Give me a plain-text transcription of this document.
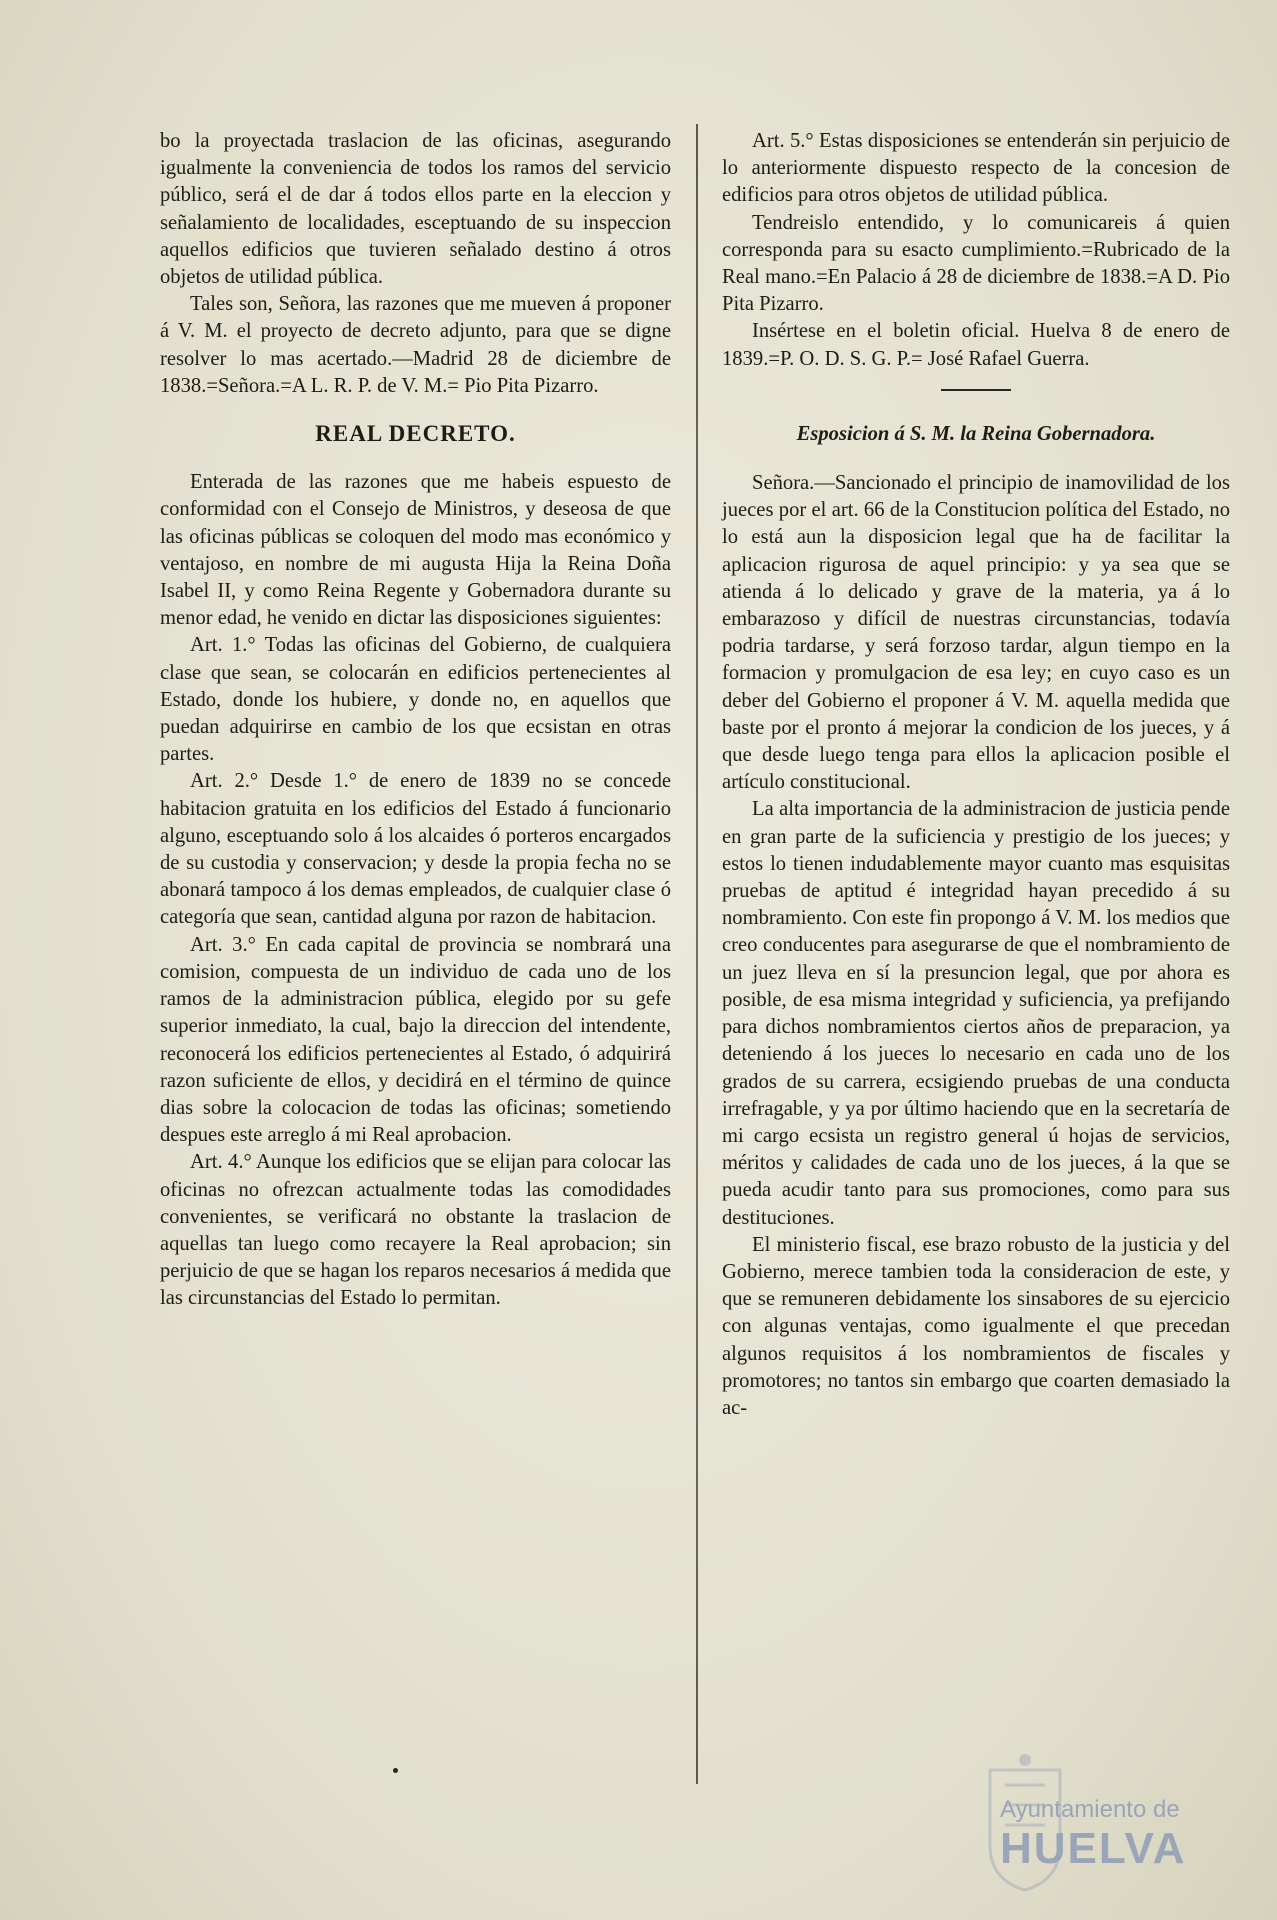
bo la proyectada traslacion de las oficinas, asegurando igualmente la conveniencia de todos los ramos del servicio público, será el de dar á todos ellos parte en la eleccion y señalamiento de localidades, esceptuando de su inspeccion aquellos edificios que tuvieren señalado destino á otros objetos de utilidad pública.

Tales son, Señora, las razones que me mueven á proponer á V. M. el proyecto de decreto adjunto, para que se digne resolver lo mas acertado.—Madrid 28 de diciembre de 1838.=Señora.=A L. R. P. de V. M.= Pio Pita Pizarro.

REAL DECRETO.

Enterada de las razones que me habeis espuesto de conformidad con el Consejo de Ministros, y deseosa de que las oficinas públicas se coloquen del modo mas económico y ventajoso, en nombre de mi augusta Hija la Reina Doña Isabel II, y como Reina Regente y Gobernadora durante su menor edad, he venido en dictar las disposiciones siguientes:

Art. 1.° Todas las oficinas del Gobierno, de cualquiera clase que sean, se colocarán en edificios pertenecientes al Estado, donde los hubiere, y donde no, en aquellos que puedan adquirirse en cambio de los que ecsistan en otras partes.

Art. 2.° Desde 1.° de enero de 1839 no se concede habitacion gratuita en los edificios del Estado á funcionario alguno, esceptuando solo á los alcaides ó porteros encargados de su custodia y conservacion; y desde la propia fecha no se abonará tampoco á los demas empleados, de cualquier clase ó categoría que sean, cantidad alguna por razon de habitacion.

Art. 3.° En cada capital de provincia se nombrará una comision, compuesta de un individuo de cada uno de los ramos de la administracion pública, elegido por su gefe superior inmediato, la cual, bajo la direccion del intendente, reconocerá los edificios pertenecientes al Estado, ó adquirirá razon suficiente de ellos, y decidirá en el término de quince dias sobre la colocacion de todas las oficinas; sometiendo despues este arreglo á mi Real aprobacion.

Art. 4.° Aunque los edificios que se elijan para colocar las oficinas no ofrezcan actualmente todas las comodidades convenientes, se verificará no obstante la traslacion de aquellas tan luego como recayere la Real aprobacion; sin perjuicio de que se hagan los reparos necesarios á medida que las circunstancias del Estado lo permitan.

Art. 5.° Estas disposiciones se entenderán sin perjuicio de lo anteriormente dispuesto respecto de la concesion de edificios para otros objetos de utilidad pública.

Tendreislo entendido, y lo comunicareis á quien corresponda para su esacto cumplimiento.=Rubricado de la Real mano.=En Palacio á 28 de diciembre de 1838.=A D. Pio Pita Pizarro.

Insértese en el boletin oficial. Huelva 8 de enero de 1839.=P. O. D. S. G. P.= José Rafael Guerra.

Esposicion á S. M. la Reina Gobernadora.

Señora.—Sancionado el principio de inamovilidad de los jueces por el art. 66 de la Constitucion política del Estado, no lo está aun la disposicion legal que ha de facilitar la aplicacion rigurosa de aquel principio: y ya sea que se atienda á lo delicado y grave de la materia, ya á lo embarazoso y difícil de nuestras circunstancias, todavía podria tardarse, y será forzoso tardar, algun tiempo en la formacion y promulgacion de esa ley; en cuyo caso es un deber del Gobierno el proponer á V. M. aquella medida que baste por el pronto á mejorar la condicion de los jueces, y á que desde luego tenga para ellos la aplicacion posible el artículo constitucional.

La alta importancia de la administracion de justicia pende en gran parte de la suficiencia y prestigio de los jueces; y estos lo tienen indudablemente mayor cuanto mas esquisitas pruebas de aptitud é integridad hayan precedido á su nombramiento. Con este fin propongo á V. M. los medios que creo conducentes para asegurarse de que el nombramiento de un juez lleva en sí la presuncion legal, que por ahora es posible, de esa misma integridad y suficiencia, ya prefijando para dichos nombramientos ciertos años de preparacion, ya deteniendo á los jueces lo necesario en cada uno de los grados de su carrera, ecsigiendo pruebas de una conducta irrefragable, y ya por último haciendo que en la secretaría de mi cargo ecsista un registro general ú hojas de servicios, méritos y calidades de cada uno de los jueces, á la que se pueda acudir tanto para sus promociones, como para sus destituciones.

El ministerio fiscal, ese brazo robusto de la justicia y del Gobierno, merece tambien toda la consideracion de este, y que se remuneren debidamente los sinsabores de su ejercicio con algunas ventajas, como igualmente el que precedan algunos requisitos á los nombramientos de fiscales y promotores; no tantos sin embargo que coarten demasiado la ac-

Ayuntamiento de
HUELVA
